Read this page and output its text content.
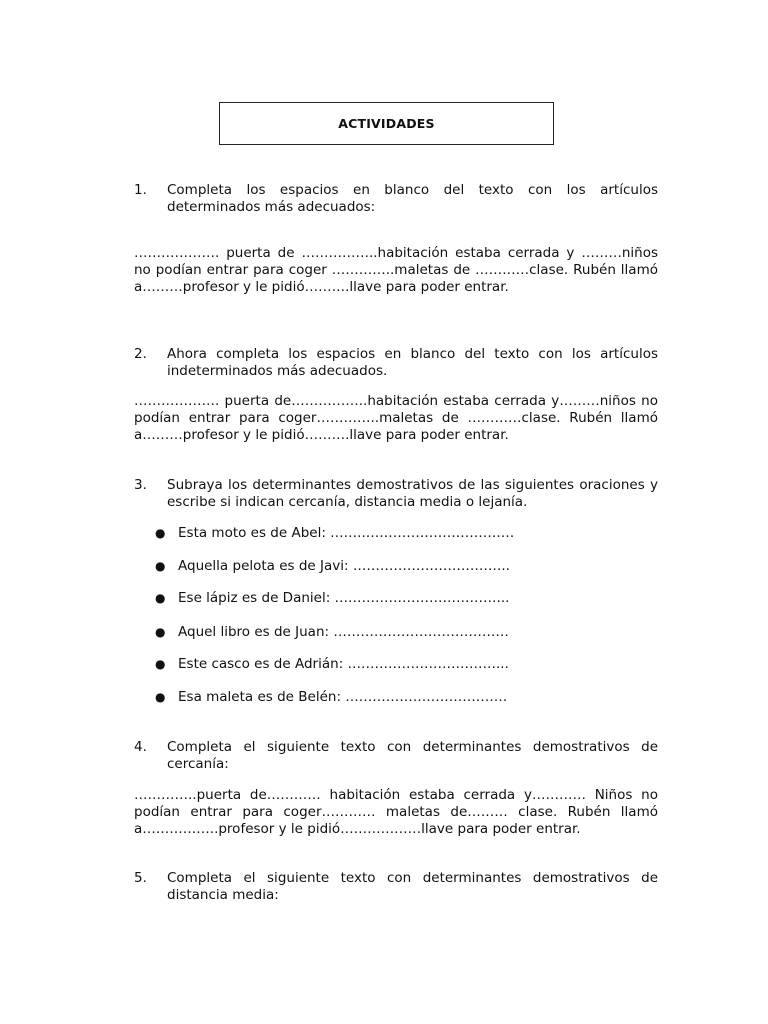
ACTIVIDADES
1. Completa los espacios en blanco del texto con los artículos determinados más adecuados:
………………. puerta de ……………..habitación estaba cerrada y ………niños no podían entrar para coger …………..maletas de …………clase. Rubén llamó a………profesor y le pidió……….llave para poder entrar.
2. Ahora completa los espacios en blanco del texto con los artículos indeterminados más adecuados.
………………. puerta de……………..habitación estaba cerrada y………niños no podían entrar para coger…………..maletas de …………clase. Rubén llamó a………profesor y le pidió……….llave para poder entrar.
3. Subraya los determinantes demostrativos de las siguientes oraciones y escribe si indican cercanía, distancia media o lejanía.
● Esta moto es de Abel: ……..……………………………
● Aquella pelota es de Javi: ……………………………..
● Ese lápiz es de Daniel: ………………………………...
● Aquel libro es de Juan: …………………………………
● Este casco es de Adrián: ……………………………...
● Esa maleta es de Belén: ………………………………
4. Completa el siguiente texto con determinantes demostrativos de cercanía:
…………..puerta de………… habitación estaba cerrada y………… Niños no podían entrar para coger………… maletas de……… clase. Rubén llamó a……………..profesor y le pidió………………llave para poder entrar.
5. Completa el siguiente texto con determinantes demostrativos de distancia media:
